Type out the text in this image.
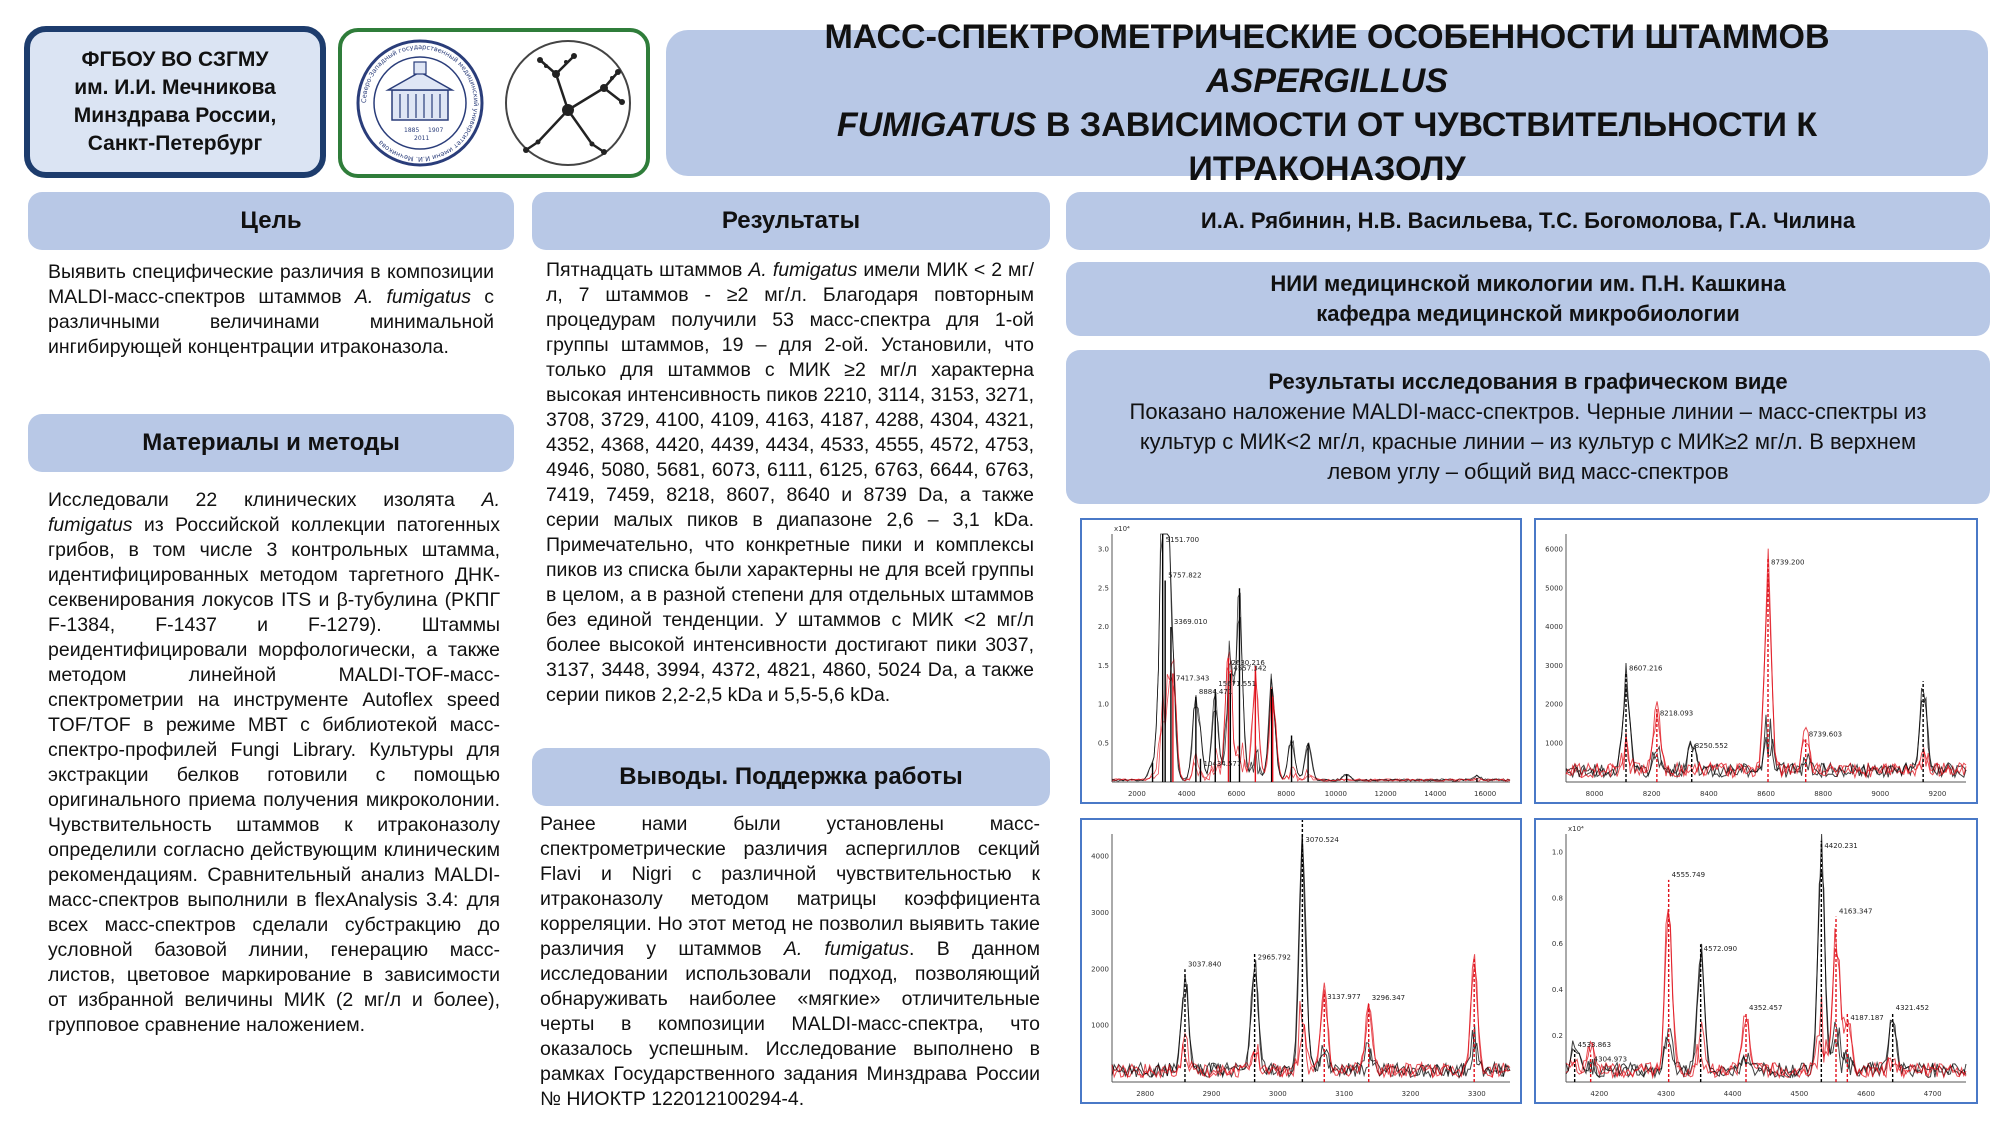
ФГБОУ ВО СЗГМУ
им. И.И. Мечникова
Минздрава России,
Санкт-Петербург
Северо-Западный государственный медицинский университет имени И.И. Мечникова
1885 1907
2011
МАСС-СПЕКТРОМЕТРИЧЕСКИЕ ОСОБЕННОСТИ ШТАММОВ ASPERGILLUS
FUMIGATUS В ЗАВИСИМОСТИ ОТ ЧУВСТВИТЕЛЬНОСТИ К ИТРАКОНАЗОЛУ
Цель
Выявить специфические различия в композиции MALDI-масс-спектров штаммов A. fumigatus с различными величинами минимальной ингибирующей концентрации итраконазола.
Материалы и методы
Исследовали 22 клинических изолята A. fumigatus из Российской коллекции патогенных грибов, в том числе 3 контрольных штамма, идентифицированных методом таргетного ДНК-секвенирования локусов ITS и β-тубулина (РКПГ F-1384, F-1437 и F-1279). Штаммы реидентифицировали морфологически, а также методом линейной MALDI-TOF-масс-спектрометрии на инструменте Autoflex speed TOF/TOF в режиме МВТ с библиотекой масс-спектро-профилей Fungi Library. Культуры для экстракции белков готовили с помощью оригинального приема получения микроколонии. Чувствительность штаммов к итраконазолу определили согласно действующим клиническим рекомендациям. Сравнительный анализ MALDI-масс-спектров выполнили в flexAnalysis 3.4: для всех масс-спектров сделали субстракцию до условной базовой линии, генерацию масс-листов, цветовое маркирование в зависимости от избранной величины МИК (2 мг/л и более), групповое сравнение наложением.
Результаты
Пятнадцать штаммов A. fumigatus имели МИК < 2 мг/л, 7 штаммов - ≥2 мг/л. Благодаря повторным процедурам получили 53 масс-спектра для 1-ой группы штаммов, 19 – для 2-ой. Установили, что только для штаммов с МИК ≥2 мг/л характерна высокая интенсивность пиков 2210, 3114, 3153, 3271, 3708, 3729, 4100, 4109, 4163, 4187, 4288, 4304, 4321, 4352, 4368, 4420, 4439, 4434, 4533, 4555, 4572, 4753, 4946, 5080, 5681, 6073, 6111, 6125, 6763, 6644, 6763, 7419, 7459, 8218, 8607, 8640 и 8739 Da, а также серии малых пиков в диапазоне 2,6 – 3,1 kDa. Примечательно, что конкретные пики и комплексы пиков из списка были характерны не для всей группы в целом, а в разной степени для отдельных штаммов без единой тенденции. У штаммов с МИК <2 мг/л более высокой интенсивности достигают пики 3037, 3137, 3448, 3994, 4372, 4821, 4860, 5024 Da, а также серии пиков 2,2-2,5 kDa и 5,5-5,6 kDa.
Выводы. Поддержка работы
Ранее нами были установлены масс-спектрометрические различия аспергиллов секций Flavi и Nigri с различной чувствительностью к итраконазолу методом матрицы коэффициента корреляции. Но этот метод не позволил выявить такие различия у штаммов A. fumigatus. В данном исследовании использовали подход, позволяющий обнаруживать наиболее «мягкие» отличительные черты в композиции MALDI-масс-спектра, что оказалось успешным. Исследование выполнено в рамках Государственного задания Минздрава России № НИОКТР 122012100294-4.
И.А. Рябинин, Н.В. Васильева, Т.С. Богомолова, Г.А. Чилина
НИИ медицинской микологии им. П.Н. Кашкина
кафедра медицинской микробиологии
Результаты исследования в графическом виде
Показано наложение MALDI-масс-спектров. Черные линии – масс-спектры из культур с МИК<2 мг/л, красные линии – из культур с МИК≥2 мг/л. В верхнем левом углу – общий вид масс-спектров
2000	4000	6000	8000	10000	12000	14000	16000
0.5
1.0
1.5
2.0
2.5
3.0
x10⁴
3369.010
5151.700
5757.822
7417.343
8884.471
10434.577
15671.551
2630.216
4557.342
8000	8200	8400	8600	8800	9000	9200
1000
2000
3000
4000
5000
6000
8607.216
8218.093
8250.552
8739.200
8739.603
2800	2900	3000	3100	3200	3300
1000
2000
3000
4000
3037.840
2965.792
3070.524
3137.977 3296.347
4200	4300	4400	4500	4600	4700
0.2
0.4
0.6
0.8
1.0
x10⁴
4533.863
4304.973
4555.749
4572.090
4352.457
4420.231
4163.347
4187.187
4321.452
